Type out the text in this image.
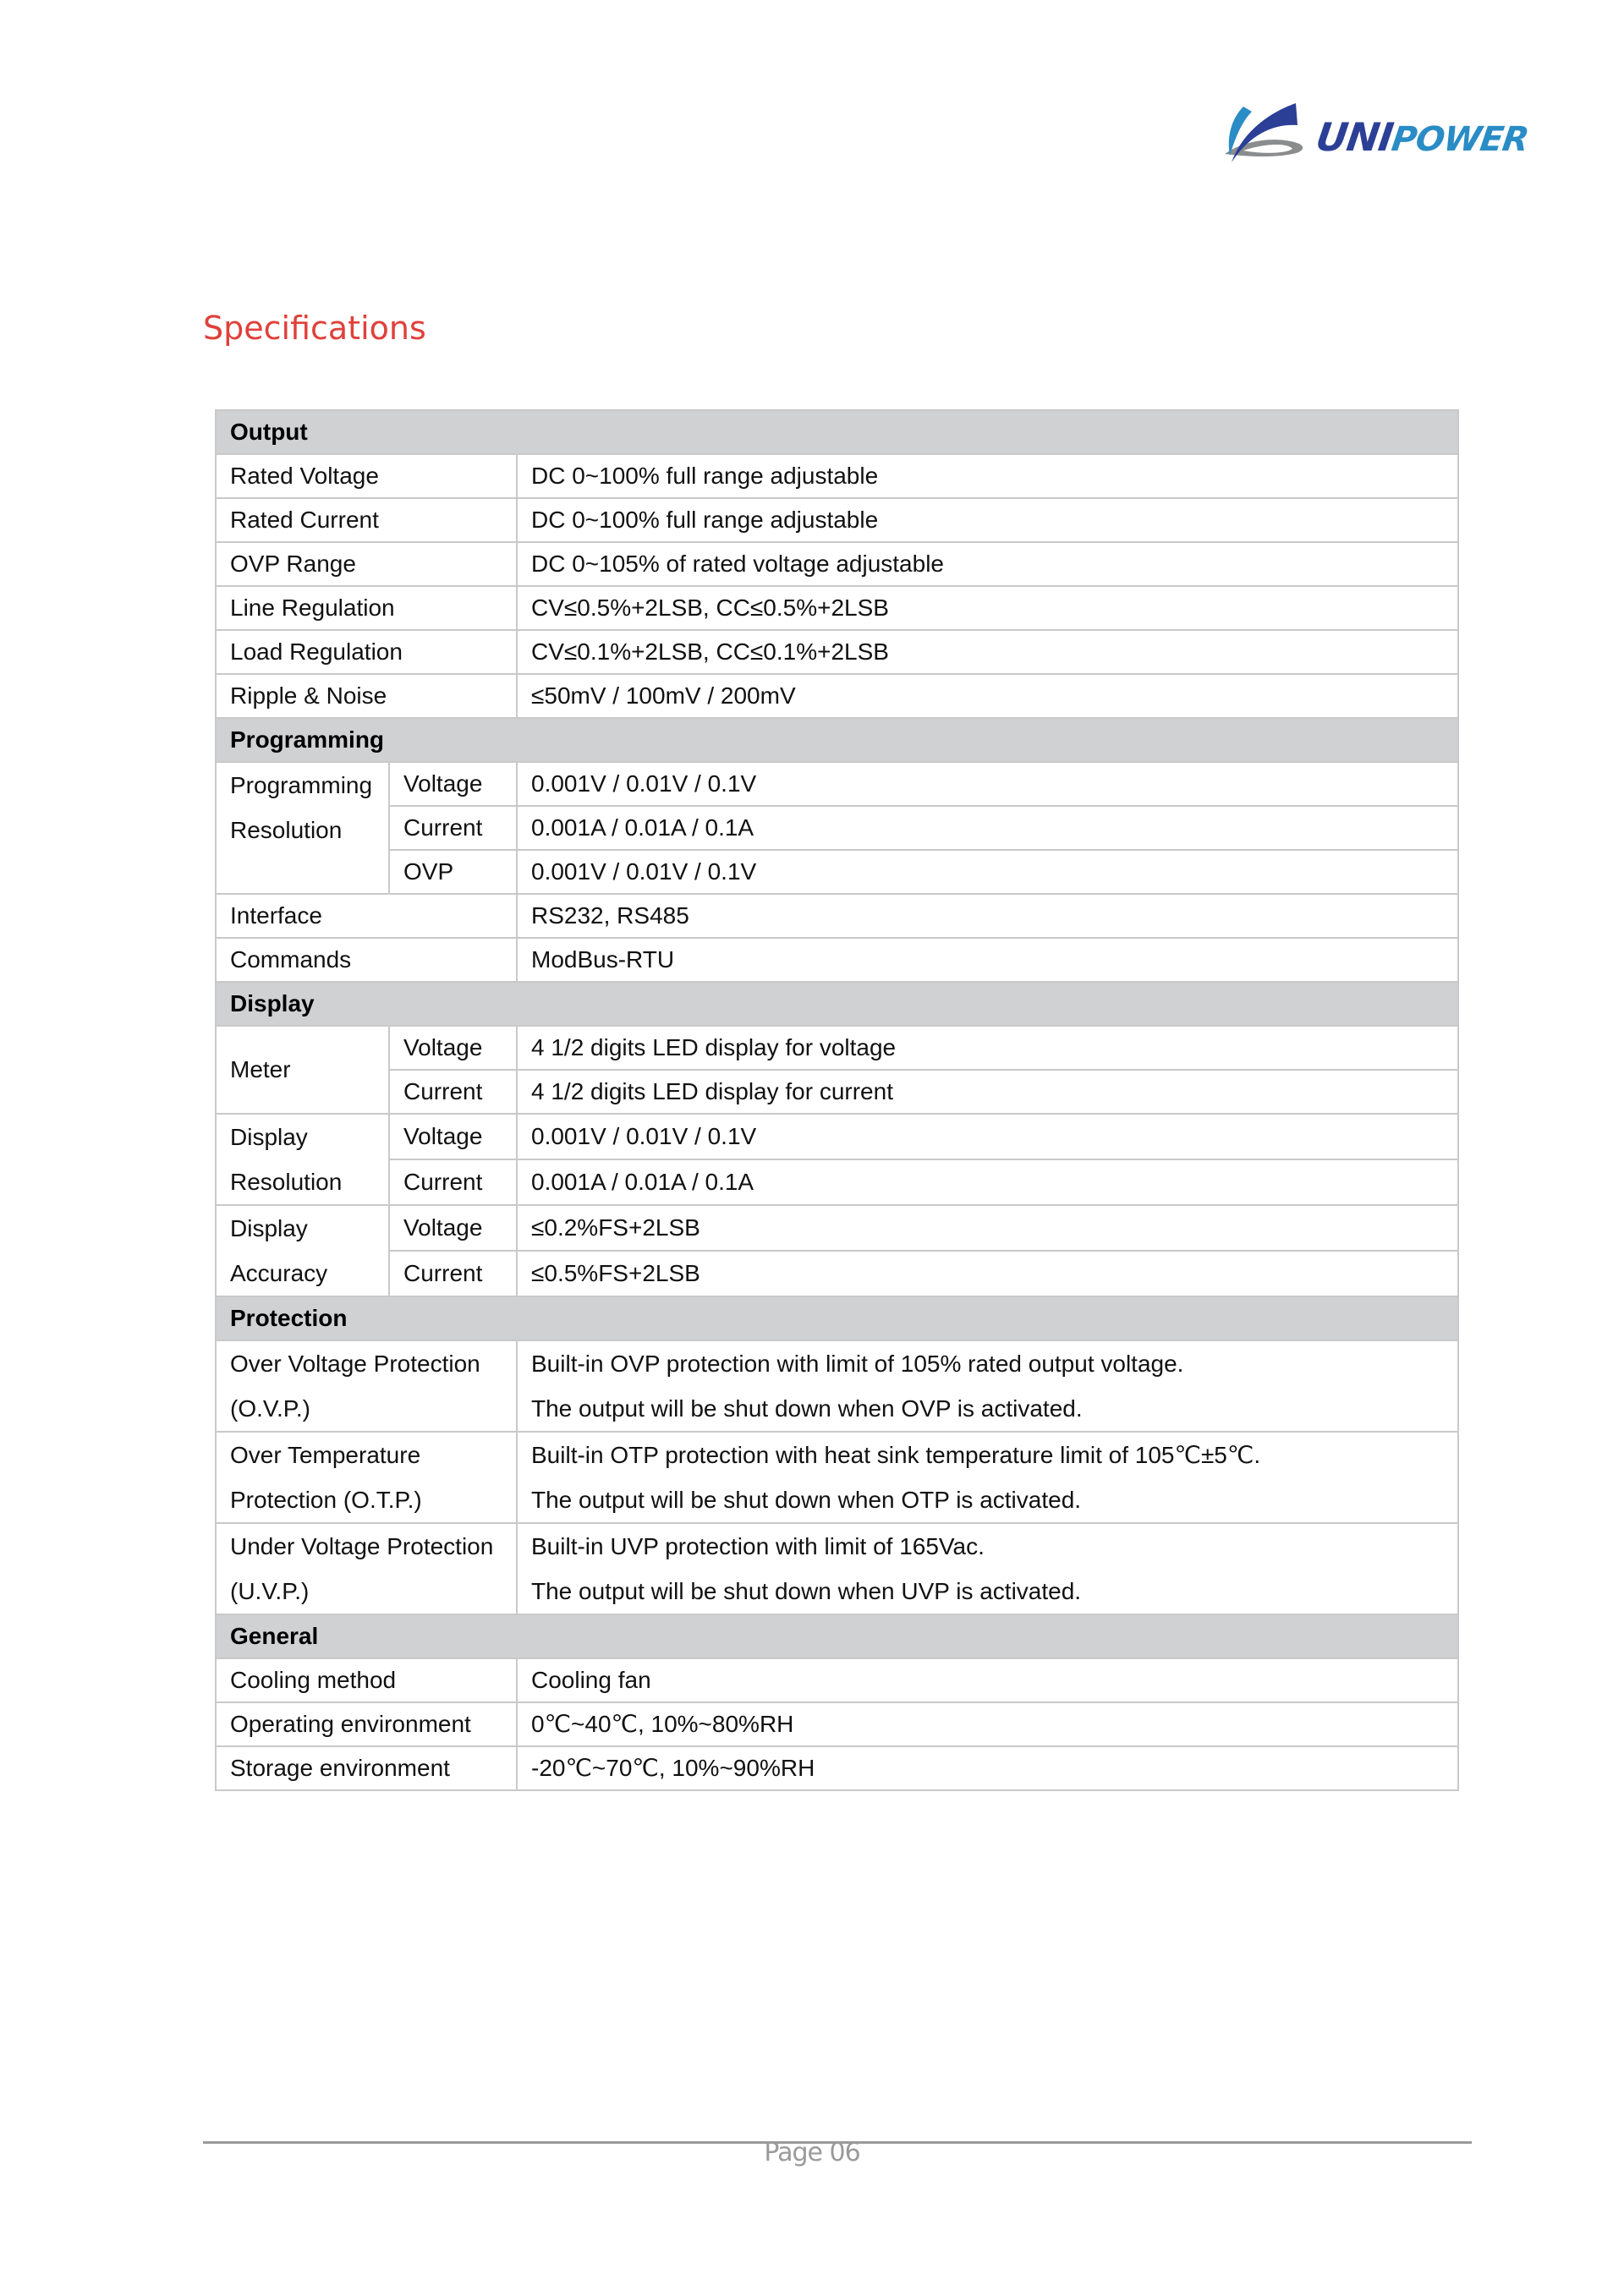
UNIPOWER
Specifications
Output		
Rated Voltage		DC 0~100% full range adjustable
Rated Current		DC 0~100% full range adjustable
OVP Range		DC 0~105% of rated voltage adjustable
Line Regulation		CV≤0.5%+2LSB, CC≤0.5%+2LSB
Load Regulation		CV≤0.1%+2LSB, CC≤0.1%+2LSB
Ripple & Noise		≤50mV / 100mV / 200mV
Programming		

Programming
Resolution	Voltage	0.001V / 0.01V / 0.1V
	Current	0.001A / 0.01A / 0.1A
	OVP	0.001V / 0.01V / 0.1V
Interface		RS232, RS485
Commands		ModBus-RTU
Display		
Meter	Voltage	4 1/2 digits LED display for voltage
	Current	4 1/2 digits LED display for current

Display
Resolution	Voltage	0.001V / 0.01V / 0.1V
	Current	0.001A / 0.01A / 0.1A

Display
Accuracy	Voltage	≤0.2%FS+2LSB
	Current	≤0.5%FS+2LSB
Protection		

Over Voltage Protection
(O.V.P.)		Built-in OVP protection with limit of 105% rated output voltage.
The output will be shut down when OVP is activated.

Over Temperature
Protection (O.T.P.)		Built-in OTP protection with heat sink temperature limit of 105℃±5℃.
The output will be shut down when OTP is activated.

Under Voltage Protection
(U.V.P.)		Built-in UVP protection with limit of 165Vac.
The output will be shut down when UVP is activated.

General		
Cooling method		Cooling fan
Operating environment		0℃~40℃, 10%~80%RH
Storage environment		-20℃~70℃, 10%~90%RH
Page 06
